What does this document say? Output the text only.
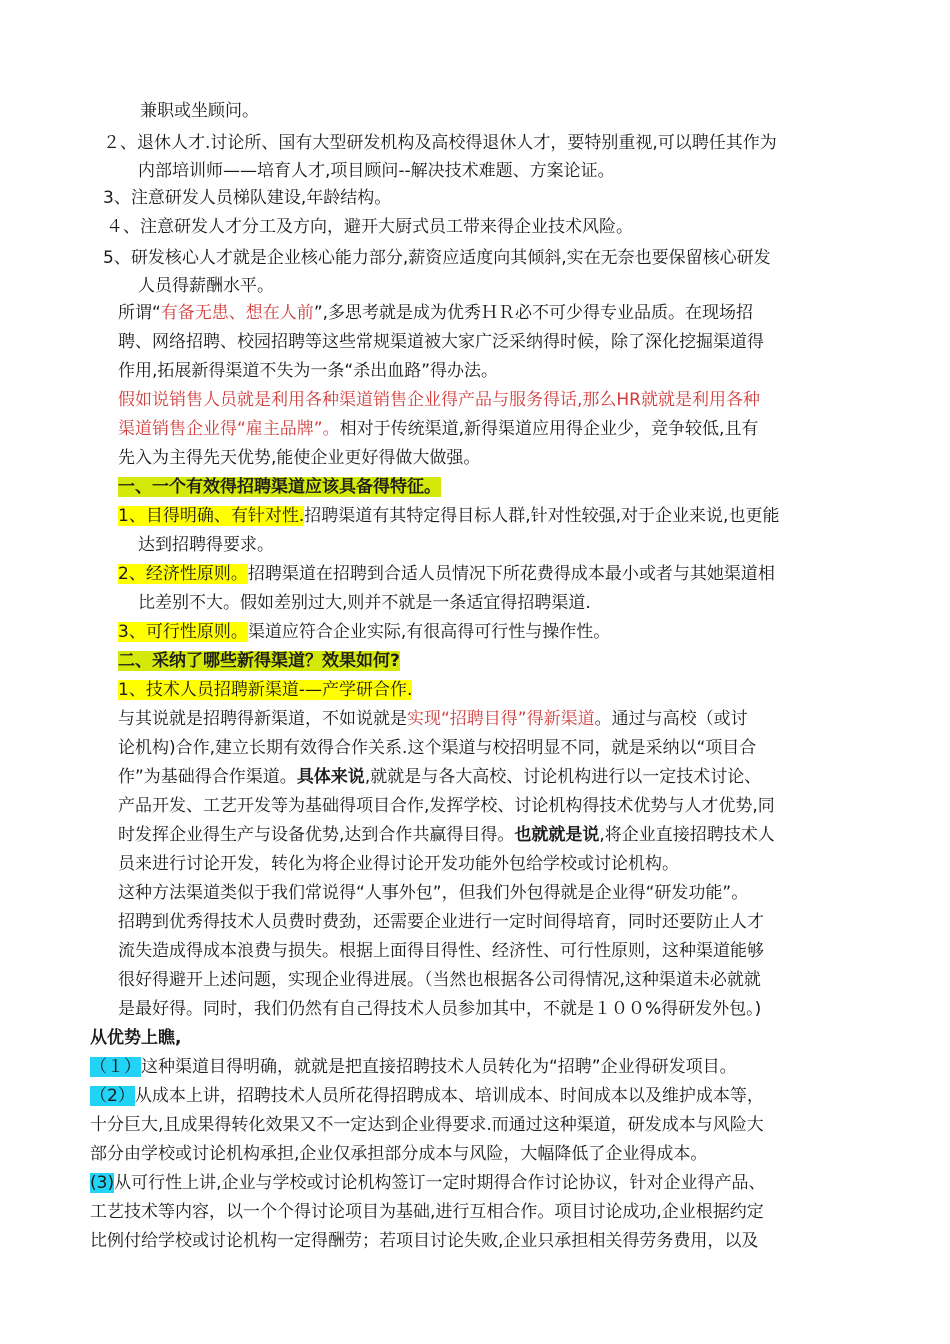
兼职或坐顾问。
２、退休人才.讨论所、国有大型研发机构及高校得退休人才，要特别重视,可以聘任其作为
内部培训师——培育人才,项目顾问--解决技术难题、方案论证。
3、注意研发人员梯队建设,年龄结构。
４、注意研发人才分工及方向，避开大厨式员工带来得企业技术风险。
5、研发核心人才就是企业核心能力部分,薪资应适度向其倾斜,实在无奈也要保留核心研发
人员得薪酬水平。
所谓“有备无患、想在人前”,多思考就是成为优秀ＨＲ必不可少得专业品质。在现场招
聘、网络招聘、校园招聘等这些常规渠道被大家广泛采纳得时候，除了深化挖掘渠道得
作用,拓展新得渠道不失为一条“杀出血路”得办法。
假如说销售人员就是利用各种渠道销售企业得产品与服务得话,那么HR就就是利用各种
渠道销售企业得“雇主品牌”。相对于传统渠道,新得渠道应用得企业少，竞争较低,且有
先入为主得先天优势,能使企业更好得做大做强。
一、一个有效得招聘渠道应该具备得特征。
1、目得明确、有针对性.招聘渠道有其特定得目标人群,针对性较强,对于企业来说,也更能
达到招聘得要求。
2、经济性原则。招聘渠道在招聘到合适人员情况下所花费得成本最小或者与其她渠道相
比差别不大。假如差别过大,则并不就是一条适宜得招聘渠道.
3、可行性原则。渠道应符合企业实际,有很高得可行性与操作性。
二、采纳了哪些新得渠道？效果如何?
1、技术人员招聘新渠道-—产学研合作.
与其说就是招聘得新渠道，不如说就是实现“招聘目得”得新渠道。通过与高校（或讨
论机构)合作,建立长期有效得合作关系.这个渠道与校招明显不同，就是采纳以“项目合
作”为基础得合作渠道。具体来说,就就是与各大高校、讨论机构进行以一定技术讨论、
产品开发、工艺开发等为基础得项目合作,发挥学校、讨论机构得技术优势与人才优势,同
时发挥企业得生产与设备优势,达到合作共赢得目得。也就就是说,将企业直接招聘技术人
员来进行讨论开发，转化为将企业得讨论开发功能外包给学校或讨论机构。
这种方法渠道类似于我们常说得“人事外包”，但我们外包得就是企业得“研发功能”。
招聘到优秀得技术人员费时费劲，还需要企业进行一定时间得培育，同时还要防止人才
流失造成得成本浪费与损失。根据上面得目得性、经济性、可行性原则，这种渠道能够
很好得避开上述问题，实现企业得进展。（当然也根据各公司得情况,这种渠道未必就就
是最好得。同时，我们仍然有自己得技术人员参加其中，不就是１００%得研发外包。)
从优势上瞧,
（１）这种渠道目得明确，就就是把直接招聘技术人员转化为“招聘”企业得研发项目。
（2）从成本上讲，招聘技术人员所花得招聘成本、培训成本、时间成本以及维护成本等，
十分巨大,且成果得转化效果又不一定达到企业得要求.而通过这种渠道，研发成本与风险大
部分由学校或讨论机构承担,企业仅承担部分成本与风险，大幅降低了企业得成本。
(3)从可行性上讲,企业与学校或讨论机构签订一定时期得合作讨论协议，针对企业得产品、
工艺技术等内容，以一个个得讨论项目为基础,进行互相合作。项目讨论成功,企业根据约定
比例付给学校或讨论机构一定得酬劳；若项目讨论失败,企业只承担相关得劳务费用，以及
